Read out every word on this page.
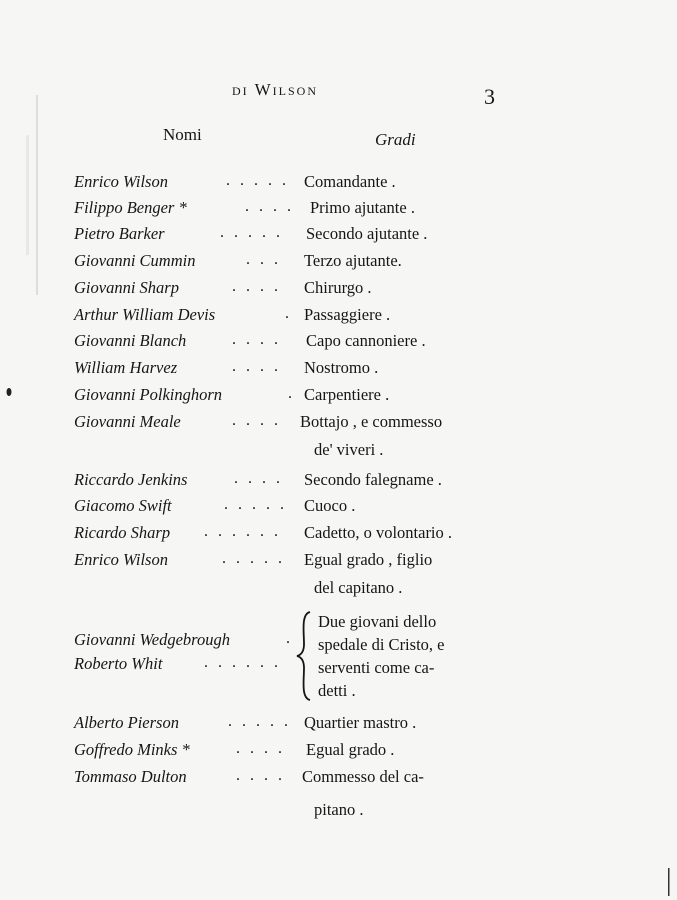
di Wilson	3
Nomi	Gradi
Enrico Wilson	. . . . . Comandante .
Filippo Benger *	. . . . Primo ajutante .
Pietro Barker	. . . . . Secondo ajutante .
Giovanni Cummin	. . . Terzo ajutante.
Giovanni Sharp	. . . . Chirurgo .
Arthur William Devis	. Passaggiere .
Giovanni Blanch	. . . . Capo cannoniere .
William Harvez	. . . . Nostromo .
Giovanni Polkinghorn	. Carpentiere .
Giovanni Meale	. . . . Bottajo , e commesso
de' viveri .
Riccardo Jenkins	. . . . Secondo falegname .
Giacomo Swift	. . . . . Cuoco .
Ricardo Sharp . . . . . . Cadetto, o volontario .
Enrico Wilson	. . . . . Egual grado , figlio
del capitano .
Giovanni Wedgebrough	.
Roberto Whit	. . . . . .
Due giovani dello
spedale di Cristo, e
serventi come ca-
detti .
Alberto Pierson	. . . . . Quartier mastro .
Goffredo Minks *	. . . . Egual grado .
Tommaso Dulton	. . . . Commesso del ca-
pitano .
